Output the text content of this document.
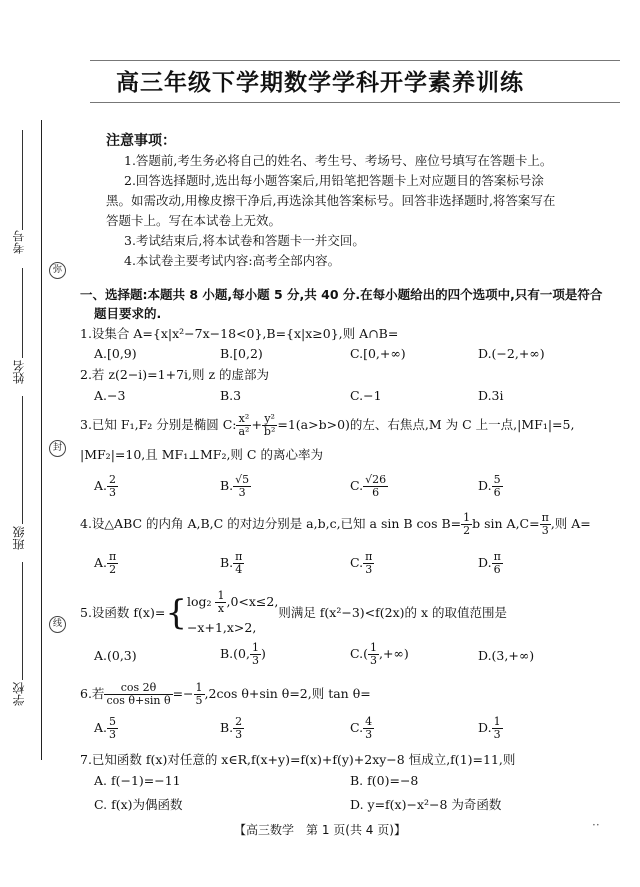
考号
姓名
班级
学校
弥
封
线
高三年级下学期数学学科开学素养训练
注意事项：
1.答题前,考生务必将自己的姓名、考生号、考场号、座位号填写在答题卡上。
2.回答选择题时,选出每小题答案后,用铅笔把答题卡上对应题目的答案标号涂
黑。如需改动,用橡皮擦干净后,再选涂其他答案标号。回答非选择题时,将答案写在
答题卡上。写在本试卷上无效。
3.考试结束后,将本试卷和答题卡一并交回。
4.本试卷主要考试内容:高考全部内容。
一、选择题:本题共 8 小题,每小题 5 分,共 40 分.在每小题给出的四个选项中,只有一项是符合
题目要求的.
1.设集合 A={x|x²−7x−18<0},B={x|x≥0},则 A∩B=
A.[0,9)	B.[0,2)	C.[0,+∞)	D.(−2,+∞)
2.若 z(2−i)=1+7i,则 z 的虚部为
A.−3	B.3	C.−1	D.3i
3.已知 F₁,F₂ 分别是椭圆 C: $\frac{\text{x²}}{\text{a²}} + \frac{\text{y²}}{\text{b²}} =1(a>b>0)$的左、右焦点,M 为 C 上一点,|MF₁|=5,
|MF₂|=10,且 MF₁⊥MF₂,则 C 的离心率为
A. $\frac{2}{3}$	B. $\frac{√5}{3}$	C. $\frac{√26}{6}$	D. $\frac{5}{6}$
4.设△ABC 的内角 A,B,C 的对边分别是 a,b,c,已知 a sin B $\cos B= \frac{1}{2}$ b $\sin A,C= \frac{\pi}{3}$ ,则 A=
A. $\frac{\pi}{2}$	B. $\frac{\pi}{4}$	C. $\frac{\pi}{3}$	D. $\frac{\pi}{6}$
5.设函数 f(x)={ $\log_2 \frac{1}{x} ,0<x\le 2$,
−x+1,x>2,
则满足 f(x²−3)<f(2x)的 x 的取值范围是
A.(0,3)	B.(0, $\frac{1}{3}$ )	$C.( \frac{1}{3}$ ,+∞)	D.(3,+∞)
6.若 $\frac{\cos 2\theta}{\text{cos θ+sin θ}} =- \frac{1}{5} ,2\cos$ θ+sin θ=2,则 tan θ=
A. $\frac{5}{3}$	B. $\frac{2}{3}$	C. $\frac{4}{3}$	D. $\frac{1}{3}$
7.已知函数 f(x)对任意的 x∈R,f(x+y)=f(x)+f(y)+2xy−8 恒成立,f(1)=11,则
A. f(−1)=−11	B. f(0)=−8
C. f(x)为偶函数	D. y=f(x)−x²−8 为奇函数
【高三数学　第 1 页(共 4 页)】	··
